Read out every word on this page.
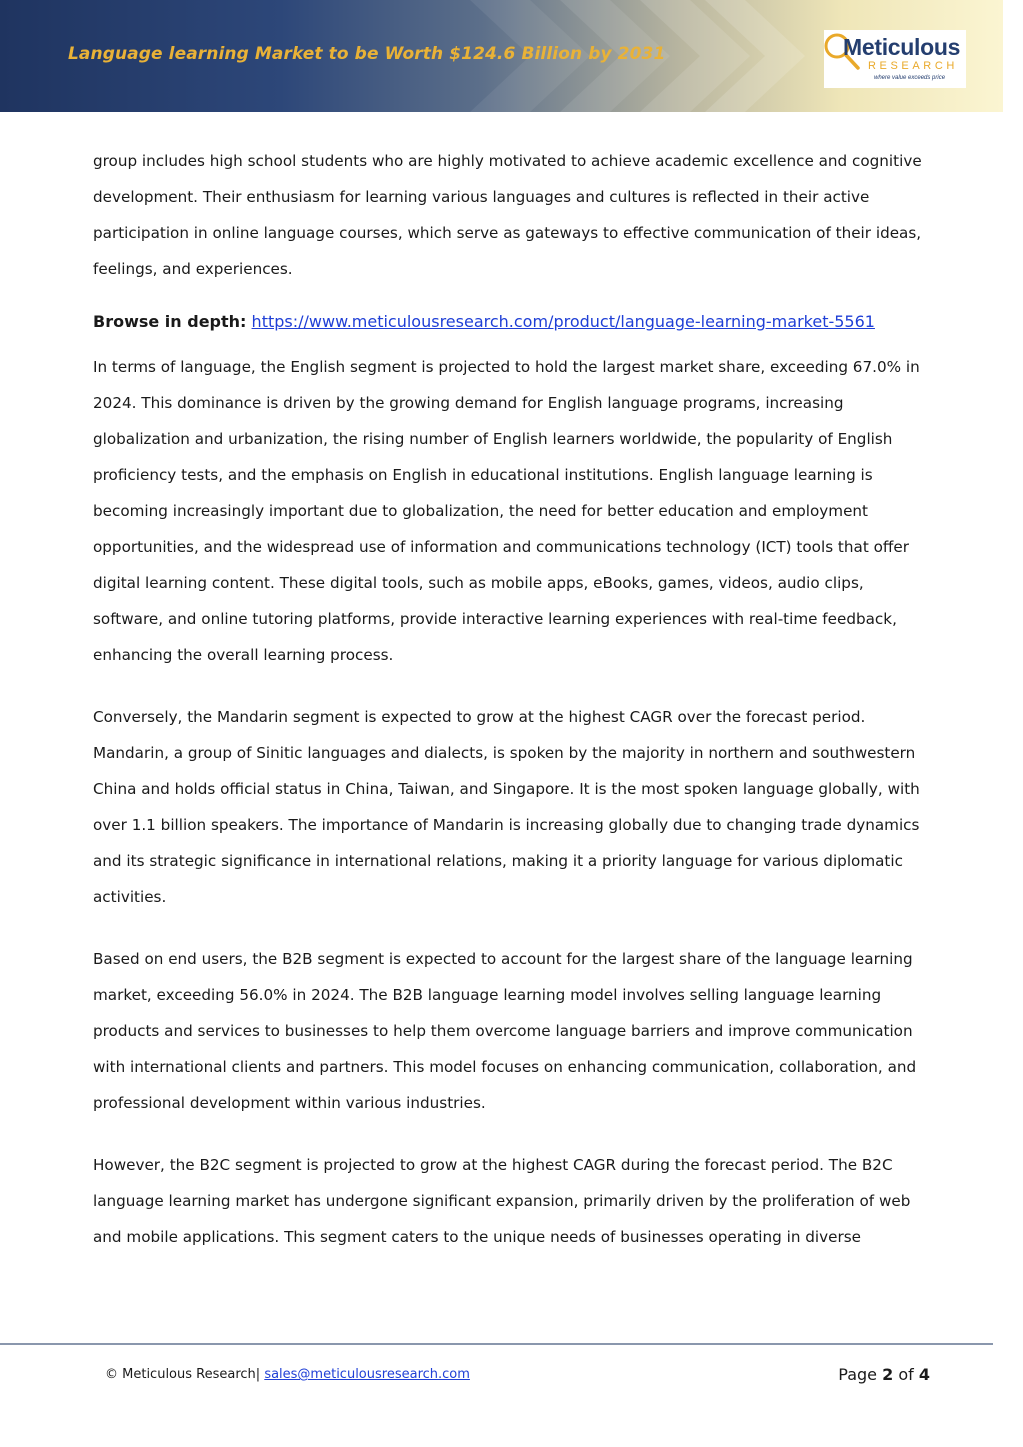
Language learning Market to be Worth $124.6 Billion by 2031	Meticulous
RESEARCH
where value exceeds price

group includes high school students who are highly motivated to achieve academic excellence and cognitive development. Their enthusiasm for learning various languages and cultures is reflected in their active participation in online language courses, which serve as gateways to effective communication of their ideas, feelings, and experiences.

Browse in depth: https://www.meticulousresearch.com/product/language-learning-market-5561

In terms of language, the English segment is projected to hold the largest market share, exceeding 67.0% in 2024. This dominance is driven by the growing demand for English language programs, increasing globalization and urbanization, the rising number of English learners worldwide, the popularity of English proficiency tests, and the emphasis on English in educational institutions. English language learning is becoming increasingly important due to globalization, the need for better education and employment opportunities, and the widespread use of information and communications technology (ICT) tools that offer digital learning content. These digital tools, such as mobile apps, eBooks, games, videos, audio clips, software, and online tutoring platforms, provide interactive learning experiences with real-time feedback, enhancing the overall learning process.

Conversely, the Mandarin segment is expected to grow at the highest CAGR over the forecast period. Mandarin, a group of Sinitic languages and dialects, is spoken by the majority in northern and southwestern China and holds official status in China, Taiwan, and Singapore. It is the most spoken language globally, with over 1.1 billion speakers. The importance of Mandarin is increasing globally due to changing trade dynamics and its strategic significance in international relations, making it a priority language for various diplomatic activities.

Based on end users, the B2B segment is expected to account for the largest share of the language learning market, exceeding 56.0% in 2024. The B2B language learning model involves selling language learning products and services to businesses to help them overcome language barriers and improve communication with international clients and partners. This model focuses on enhancing communication, collaboration, and professional development within various industries.

However, the B2C segment is projected to grow at the highest CAGR during the forecast period. The B2C language learning market has undergone significant expansion, primarily driven by the proliferation of web and mobile applications. This segment caters to the unique needs of businesses operating in diverse

© Meticulous Research| sales@meticulousresearch.com	Page 2 of 4
